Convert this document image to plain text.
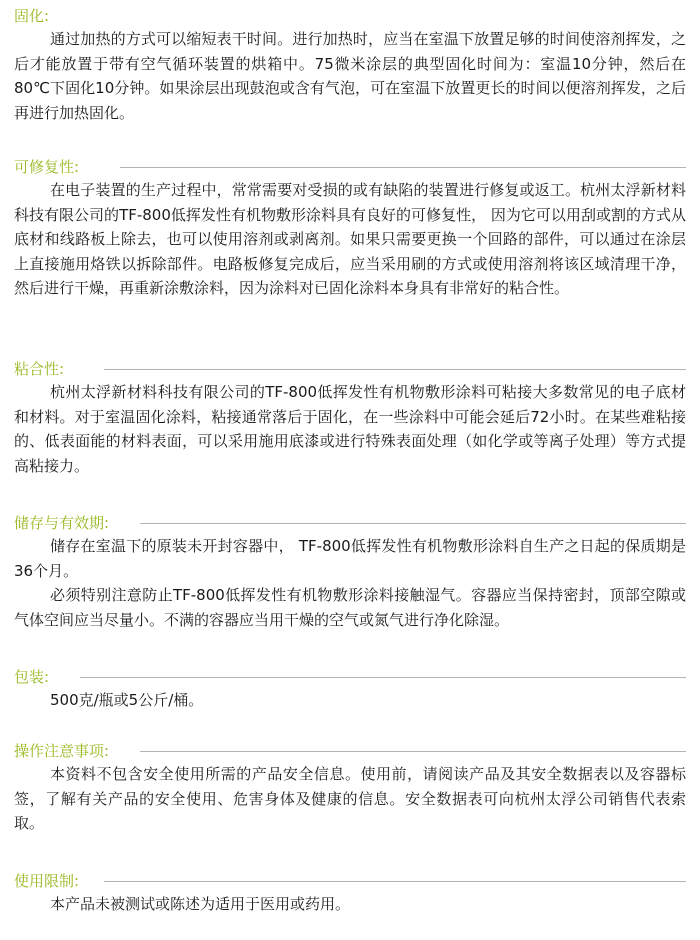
固化:

通过加热的方式可以缩短表干时间。进行加热时，应当在室温下放置足够的时间使溶剂挥发，之后才能放置于带有空气循环装置的烘箱中。75微米涂层的典型固化时间为：室温10分钟，然后在80℃下固化10分钟。如果涂层出现鼓泡或含有气泡，可在室温下放置更长的时间以便溶剂挥发，之后再进行加热固化。

可修复性:

在电子装置的生产过程中，常常需要对受损的或有缺陷的装置进行修复或返工。杭州太浮新材料科技有限公司的TF-800低挥发性有机物敷形涂料具有良好的可修复性， 因为它可以用刮或割的方式从底材和线路板上除去，也可以使用溶剂或剥离剂。如果只需要更换一个回路的部件，可以通过在涂层上直接施用烙铁以拆除部件。电路板修复完成后，应当采用刷的方式或使用溶剂将该区域清理干净，然后进行干燥，再重新涂敷涂料，因为涂料对已固化涂料本身具有非常好的粘合性。

粘合性:

杭州太浮新材料科技有限公司的TF-800低挥发性有机物敷形涂料可粘接大多数常见的电子底材和材料。对于室温固化涂料，粘接通常落后于固化，在一些涂料中可能会延后72小时。在某些难粘接的、低表面能的材料表面，可以采用施用底漆或进行特殊表面处理（如化学或等离子处理）等方式提高粘接力。

储存与有效期:

储存在室温下的原装未开封容器中， TF-800低挥发性有机物敷形涂料自生产之日起的保质期是36个月。

必须特别注意防止TF-800低挥发性有机物敷形涂料接触湿气。容器应当保持密封，顶部空隙或气体空间应当尽量小。不满的容器应当用干燥的空气或氮气进行净化除湿。

包装:

500克/瓶或5公斤/桶。

操作注意事项:

本资料不包含安全使用所需的产品安全信息。使用前，请阅读产品及其安全数据表以及容器标签，了解有关产品的安全使用、危害身体及健康的信息。安全数据表可向杭州太浮公司销售代表索取。

使用限制:

本产品未被测试或陈述为适用于医用或药用。
